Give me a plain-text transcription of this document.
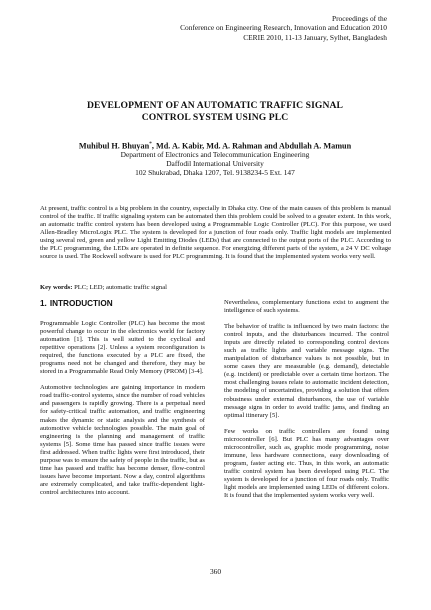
Proceedings of the
Conference on Engineering Research, Innovation and Education 2010
CERIE 2010, 11-13 January, Sylhet, Bangladesh
DEVELOPMENT OF AN AUTOMATIC TRAFFIC SIGNAL
CONTROL SYSTEM USING PLC
Muhibul H. Bhuyan*, Md. A. Kabir, Md. A. Rahman and Abdullah A. Mamun
Department of Electronics and Telecommunication Engineering
Daffodil International University
102 Shukrabad, Dhaka 1207, Tel. 9138234-5 Ext. 147
At present, traffic control is a big problem in the country, especially in Dhaka city. One of the main causes of this problem is manual control of the traffic. If traffic signaling system can be automated then this problem could be solved to a greater extent. In this work, an automatic traffic control system has been developed using a Programmable Logic Controller (PLC). For this purpose, we used Allen-Bradley MicroLogix PLC. The system is developed for a junction of four roads only. Traffic light models are implemented using several red, green and yellow Light Emitting Diodes (LEDs) that are connected to the output ports of the PLC. According to the PLC programming, the LEDs are operated in definite sequence. For energizing different parts of the system, a 24 V DC voltage source is used. The Rockwell software is used for PLC programming. It is found that the implemented system works very well.
Key words: PLC; LED; automatic traffic signal
1. INTRODUCTION

Programmable Logic Controller (PLC) has become the most powerful change to occur in the electronics world for factory automation [1]. This is well suited to the cyclical and repetitive operations [2]. Unless a system reconfiguration is required, the functions executed by a PLC are fixed, the programs need not be changed and therefore, they may be stored in a Programmable Read Only Memory (PROM) [3-4].

Automotive technologies are gaining importance in modern road traffic-control systems, since the number of road vehicles and passengers is rapidly growing. There is a perpetual need for safety-critical traffic automation, and traffic engineering makes the dynamic or static analysis and the synthesis of automotive vehicle technologies possible. The main goal of engineering is the planning and management of traffic systems [5]. Some time has passed since traffic issues were first addressed. When traffic lights were first introduced, their purpose was to ensure the safety of people in the traffic, but as time has passed and traffic has become denser, flow-control issues have become important. Now a day, control algorithms are extremely complicated, and take traffic-dependent light-control architectures into account.

Nevertheless, complementary functions exist to augment the intelligence of such systems.

The behavior of traffic is influenced by two main factors: the control inputs, and the disturbances incurred. The control inputs are directly related to corresponding control devices such as traffic lights and variable message signs. The manipulation of disturbance values is not possible, but in some cases they are measurable (e.g. demand), detectable (e.g. incident) or predictable over a certain time horizon. The most challenging issues relate to automatic incident detection, the modeling of uncertainties, providing a solution that offers robustness under external disturbances, the use of variable message signs in order to avoid traffic jams, and finding an optimal itinerary [5].

Few works on traffic controllers are found using microcontroller [6]. But PLC has many advantages over microcontroller, such as, graphic mode programming, noise immune, less hardware connections, easy downloading of program, faster acting etc. Thus, in this work, an automatic traffic control system has been developed using PLC. The system is developed for a junction of four roads only. Traffic light models are implemented using LEDs of different colors. It is found that the implemented system works very well.

360
